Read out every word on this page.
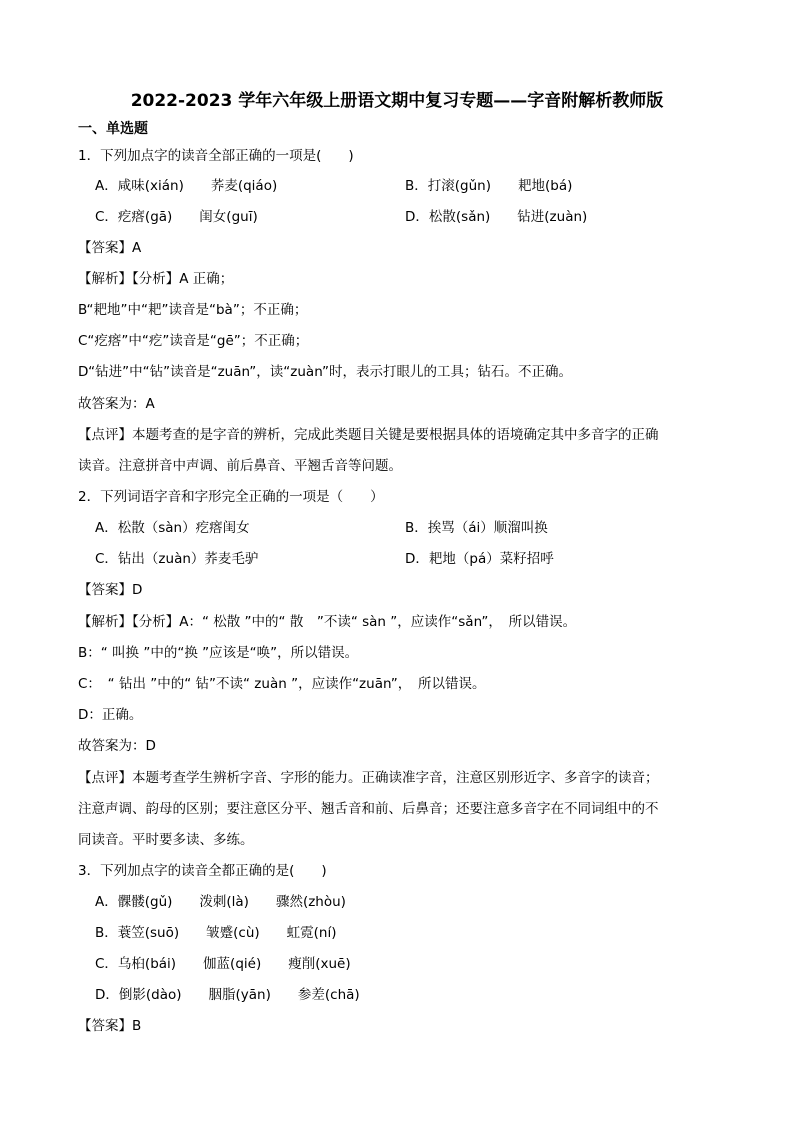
2022-2023 学年六年级上册语文期中复习专题——字音附解析教师版
一、单选题
1．下列加点字的读音全部正确的一项是(　　)
A．咸味(xián)　　荞麦(qiáo)	B．打滚(gǔn)　　耙地(bá)
C．疙瘩(gā)　　闺女(guī)	D．松散(sǎn)　　钻进(zuàn)
【答案】A
【解析】【分析】A 正确；
B“耙地”中“耙”读音是“bà”；不正确；
C“疙瘩”中“疙”读音是“gē”；不正确；
D“钻进”中“钻”读音是“zuān”，读“zuàn”时，表示打眼儿的工具；钻石。不正确。
故答案为：A
【点评】本题考查的是字音的辨析，完成此类题目关键是要根据具体的语境确定其中多音字的正确
读音。注意拼音中声调、前后鼻音、平翘舌音等问题。
2．下列词语字音和字形完全正确的一项是（　　）
A．松散（sàn）疙瘩闺女	B．挨骂（ái）顺溜叫换
C．钻出（zuàn）荞麦毛驴	D．耙地（pá）菜籽招呼
【答案】D
【解析】【分析】A：“ 松散 ”中的“ 散　”不读“ sàn ”，应读作“sǎn”，　所以错误。
B：“ 叫换 ”中的“换 ”应该是“唤”，所以错误。
C：　“ 钻出 ”中的“ 钻”不读“ zuàn ”，应读作“zuān”，　所以错误。
D：正确。
故答案为：D
【点评】本题考查学生辨析字音、字形的能力。正确读准字音，注意区别形近字、多音字的读音；
注意声调、韵母的区别；要注意区分平、翘舌音和前、后鼻音；还要注意多音字在不同词组中的不
同读音。平时要多读、多练。
3．下列加点字的读音全都正确的是(　　)
A．髁髅(gǔ)　　泼刺(là)　　骤然(zhòu)
B．蓑笠(suō)　　皱蹙(cù)　　虹霓(ní)
C．乌桕(bái)　　伽蓝(qié)　　瘦削(xuē)
D．倒影(dào)　　胭脂(yān)　　参差(chā)
【答案】B
